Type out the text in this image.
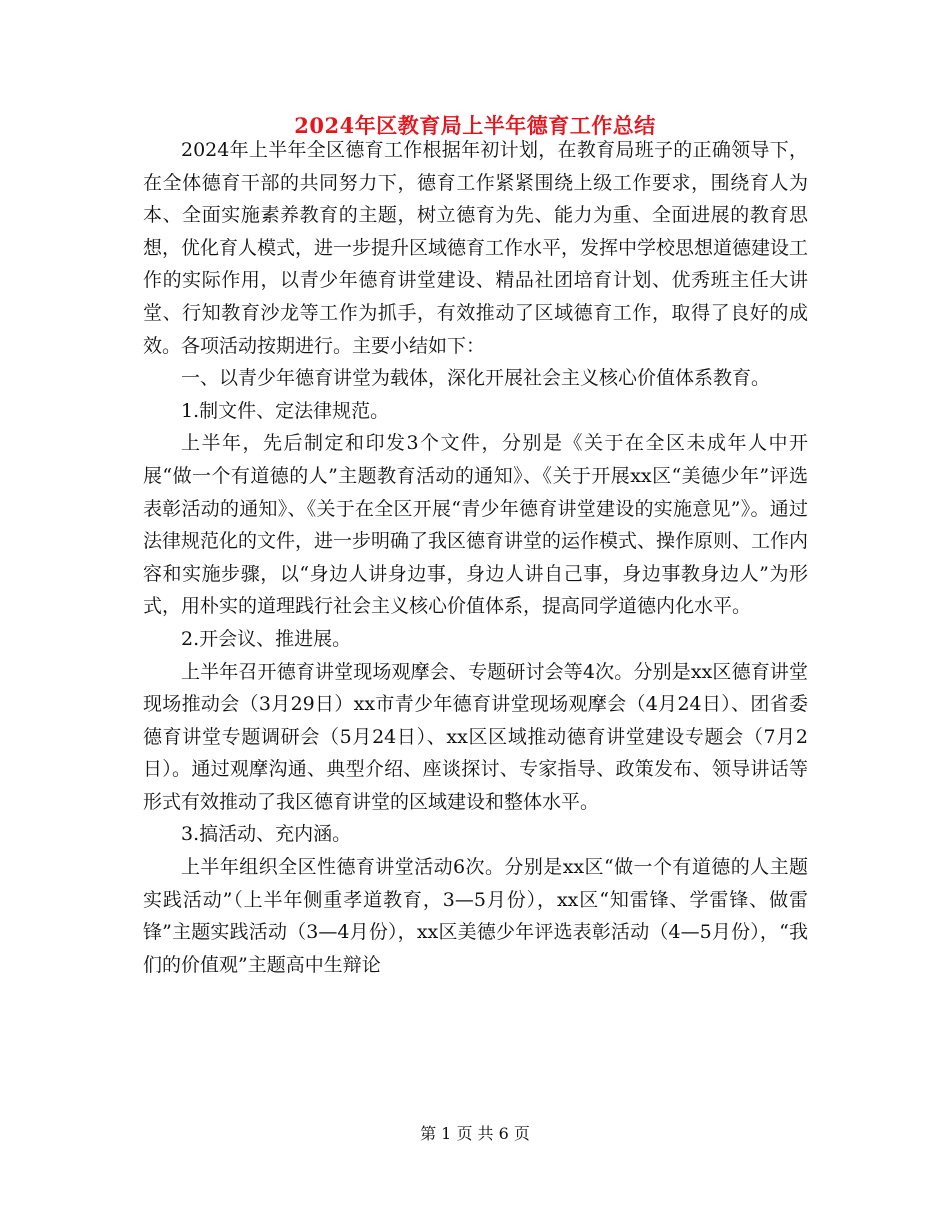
2024年区教育局上半年德育工作总结

2024年上半年全区德育工作根据年初计划，在教育局班子的正确领导下，在全体德育干部的共同努力下，德育工作紧紧围绕上级工作要求，围绕育人为本、全面实施素养教育的主题，树立德育为先、能力为重、全面进展的教育思想，优化育人模式，进一步提升区域德育工作水平，发挥中学校思想道德建设工作的实际作用，以青少年德育讲堂建设、精品社团培育计划、优秀班主任大讲堂、行知教育沙龙等工作为抓手，有效推动了区域德育工作，取得了良好的成效。各项活动按期进行。主要小结如下：

一、以青少年德育讲堂为载体，深化开展社会主义核心价值体系教育。

1.制文件、定法律规范。

上半年，先后制定和印发3个文件，分别是《关于在全区未成年人中开展“做一个有道德的人”主题教育活动的通知》、《关于开展xx区“美德少年”评选表彰活动的通知》、《关于在全区开展“青少年德育讲堂建设的实施意见”》。通过法律规范化的文件，进一步明确了我区德育讲堂的运作模式、操作原则、工作内容和实施步骤，以“身边人讲身边事，身边人讲自己事，身边事教身边人”为形式，用朴实的道理践行社会主义核心价值体系，提高同学道德内化水平。

2.开会议、推进展。

上半年召开德育讲堂现场观摩会、专题研讨会等4次。分别是xx区德育讲堂现场推动会（3月29日）xx市青少年德育讲堂现场观摩会（4月24日）、团省委德育讲堂专题调研会（5月24日）、xx区区域推动德育讲堂建设专题会（7月2日）。通过观摩沟通、典型介绍、座谈探讨、专家指导、政策发布、领导讲话等形式有效推动了我区德育讲堂的区域建设和整体水平。

3.搞活动、充内涵。

上半年组织全区性德育讲堂活动6次。分别是xx区“做一个有道德的人主题实践活动”（上半年侧重孝道教育，3—5月份），xx区“知雷锋、学雷锋、做雷锋”主题实践活动（3—4月份），xx区美德少年评选表彰活动（4—5月份），“我们的价值观”主题高中生辩论

第 1 页 共 6 页
